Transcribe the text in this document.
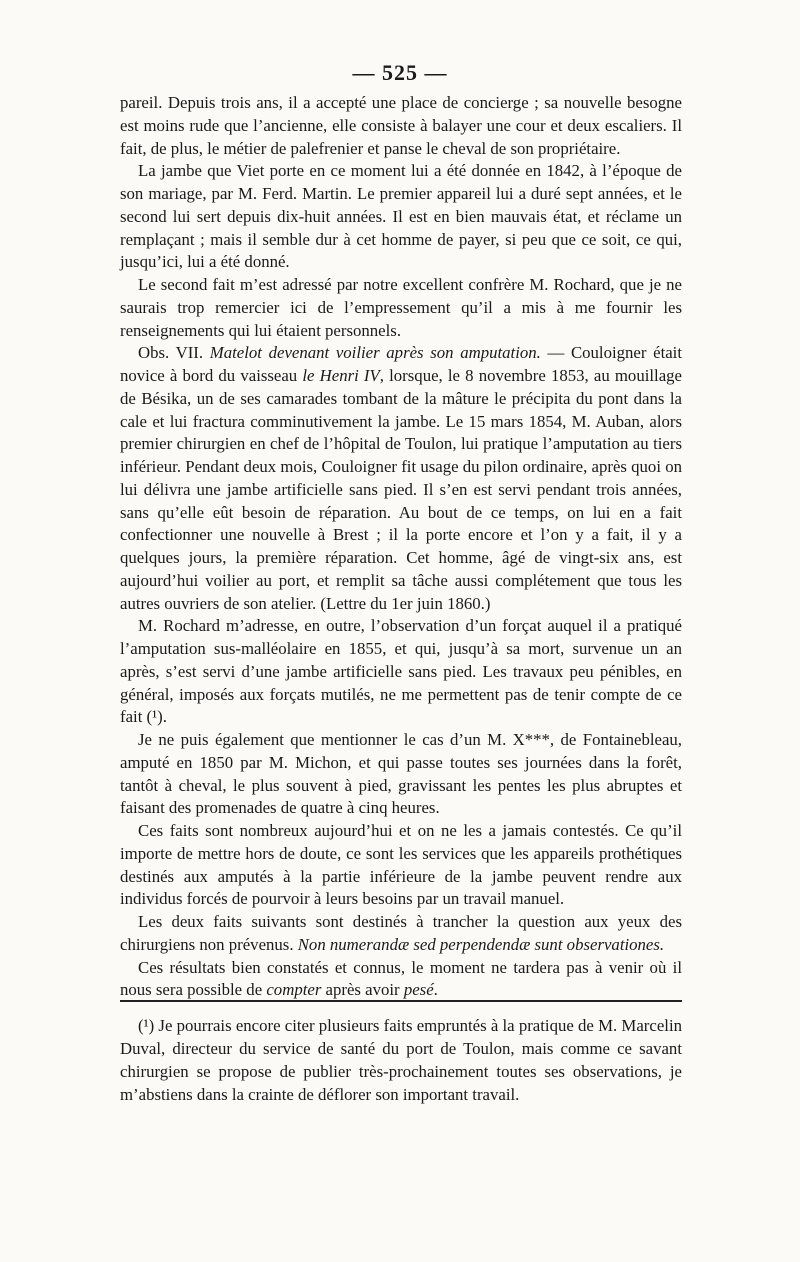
— 525 —

pareil. Depuis trois ans, il a accepté une place de concierge ; sa nouvelle besogne est moins rude que l’ancienne, elle consiste à balayer une cour et deux escaliers. Il fait, de plus, le métier de palefrenier et panse le cheval de son propriétaire.

La jambe que Viet porte en ce moment lui a été donnée en 1842, à l’époque de son mariage, par M. Ferd. Martin. Le premier appareil lui a duré sept années, et le second lui sert depuis dix-huit années. Il est en bien mauvais état, et réclame un remplaçant ; mais il semble dur à cet homme de payer, si peu que ce soit, ce qui, jusqu’ici, lui a été donné.

Le second fait m’est adressé par notre excellent confrère M. Rochard, que je ne saurais trop remercier ici de l’empressement qu’il a mis à me fournir les renseignements qui lui étaient personnels.

Obs. VII. Matelot devenant voilier après son amputation. — Couloigner était novice à bord du vaisseau le Henri IV, lorsque, le 8 novembre 1853, au mouillage de Bésika, un de ses camarades tombant de la mâture le précipita du pont dans la cale et lui fractura comminutivement la jambe. Le 15 mars 1854, M. Auban, alors premier chirurgien en chef de l’hôpital de Toulon, lui pratique l’amputation au tiers inférieur. Pendant deux mois, Couloigner fit usage du pilon ordinaire, après quoi on lui délivra une jambe artificielle sans pied. Il s’en est servi pendant trois années, sans qu’elle eût besoin de réparation. Au bout de ce temps, on lui en a fait confectionner une nouvelle à Brest ; il la porte encore et l’on y a fait, il y a quelques jours, la première réparation. Cet homme, âgé de vingt-six ans, est aujourd’hui voilier au port, et remplit sa tâche aussi complétement que tous les autres ouvriers de son atelier. (Lettre du 1er juin 1860.)

M. Rochard m’adresse, en outre, l’observation d’un forçat auquel il a pratiqué l’amputation sus-malléolaire en 1855, et qui, jusqu’à sa mort, survenue un an après, s’est servi d’une jambe artificielle sans pied. Les travaux peu pénibles, en général, imposés aux forçats mutilés, ne me permettent pas de tenir compte de ce fait (¹).

Je ne puis également que mentionner le cas d’un M. X***, de Fontainebleau, amputé en 1850 par M. Michon, et qui passe toutes ses journées dans la forêt, tantôt à cheval, le plus souvent à pied, gravissant les pentes les plus abruptes et faisant des promenades de quatre à cinq heures.

Ces faits sont nombreux aujourd’hui et on ne les a jamais contestés. Ce qu’il importe de mettre hors de doute, ce sont les services que les appareils prothétiques destinés aux amputés à la partie inférieure de la jambe peuvent rendre aux individus forcés de pourvoir à leurs besoins par un travail manuel.

Les deux faits suivants sont destinés à trancher la question aux yeux des chirurgiens non prévenus. Non numerandæ sed perpendendæ sunt observationes.

Ces résultats bien constatés et connus, le moment ne tardera pas à venir où il nous sera possible de compter après avoir pesé.

(¹) Je pourrais encore citer plusieurs faits empruntés à la pratique de M. Marcelin Duval, directeur du service de santé du port de Toulon, mais comme ce savant chirurgien se propose de publier très-prochainement toutes ses observations, je m’abstiens dans la crainte de déflorer son important travail.
